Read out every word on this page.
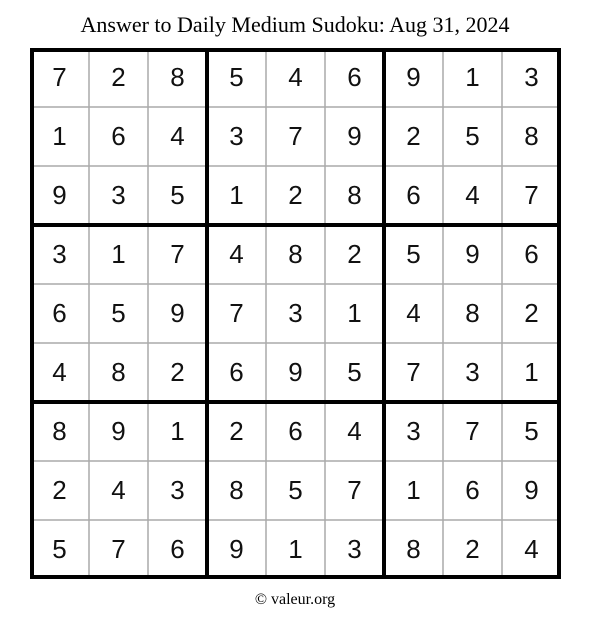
Answer to Daily Medium Sudoku: Aug 31, 2024
7	2	8	5	4	6	9	1	3
1	6	4	3	7	9	2	5	8
9	3	5	1	2	8	6	4	7
3	1	7	4	8	2	5	9	6
6	5	9	7	3	1	4	8	2
4	8	2	6	9	5	7	3	1
8	9	1	2	6	4	3	7	5
2	4	3	8	5	7	1	6	9
5	7	6	9	1	3	8	2	4
© valeur.org
